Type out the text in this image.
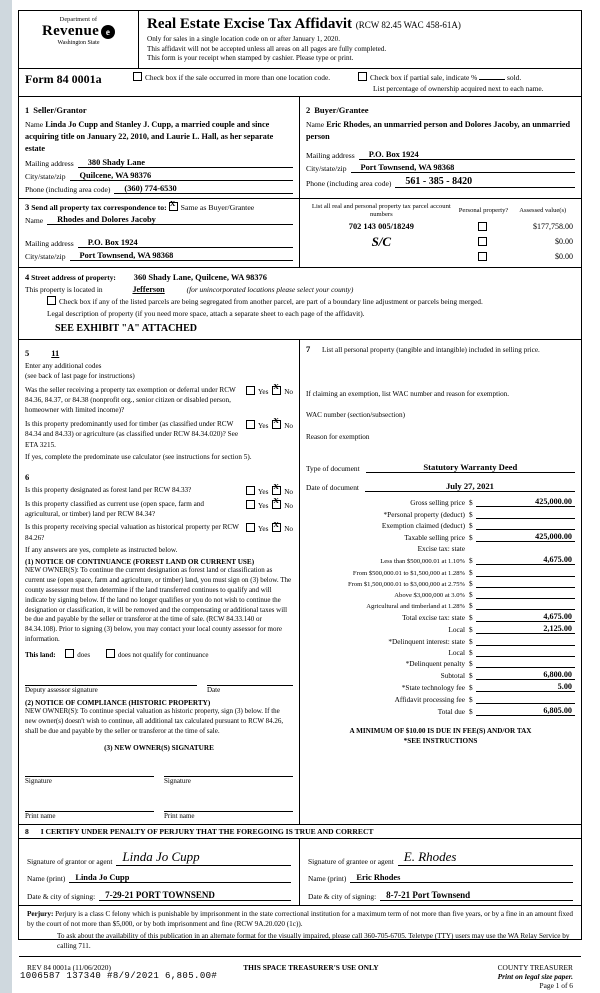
Department of
Revenue e
Washington State
Real Estate Excise Tax Affidavit (RCW 82.45 WAC 458-61A)
Only for sales in a single location code on or after January 1, 2020.
This affidavit will not be accepted unless all areas on all pages are fully completed.
This form is your receipt when stamped by cashier. Please type or print.
Form 84 0001a	Check box if the sale occurred in more than one location code.	Check box if partial sale, indicate %	sold.
List percentage of ownership acquired next to each name.
1 Seller/Grantor
Name Linda Jo Cupp and Stanley J. Cupp, a married couple and since acquiring title on January 22, 2010, and Laurie L. Hall, as her separate estate
Mailing address	380 Shady Lane
City/state/zip	Quilcene, WA 98376
Phone (including area code)	(360) 774-6530
2 Buyer/Grantee
Name Eric Rhodes, an unmarried person and Dolores Jacoby, an unmarried person
Mailing address	P.O. Box 1924
City/state/zip	Port Townsend, WA 98368
Phone (including area code)	561 - 385 - 8420
3 Send all property tax correspondence to: X Same as Buyer/Grantee
Name	Rhodes and Dolores Jacoby
Mailing address	P.O. Box 1924
City/state/zip	Port Townsend, WA 98368
List all real and personal property tax parcel account numbers	Personal property?	Assessed value(s)
702 143 005/18249		$177,758.00
S/C		$0.00
		$0.00
4 Street address of property: 360 Shady Lane, Quilcene, WA 98376
This property is located in	Jefferson	(for unincorporated locations please select your county)
Check box if any of the listed parcels are being segregated from another parcel, are part of a boundary line adjustment or parcels being merged.
Legal description of property (if you need more space, attach a separate sheet to each page of the affidavit).
SEE EXHIBIT "A" ATTACHED
5	11
Enter any additional codes
(see back of last page for instructions)
Was the seller receiving a property tax exemption or deferral under RCW 84.36, 84.37, or 84.38 (nonprofit org., senior citizen or disabled person, homeowner with limited income)?
Yes X No
Is this property predominantly used for timber (as classified under RCW 84.34 and 84.33) or agriculture (as classified under RCW 84.34.020)? See ETA 3215.
Yes X No
If yes, complete the predominate use calculator (see instructions for section 5).
6
Is this property designated as forest land per RCW 84.33?	Yes X No
Is this property classified as current use (open space, farm and agricultural, or timber) land per RCW 84.34?
Yes X No
Is this property receiving special valuation as historical property per RCW 84.26?
Yes X No
If any answers are yes, complete as instructed below.
(1) NOTICE OF CONTINUANCE (FOREST LAND OR CURRENT USE)
NEW OWNER(S): To continue the current designation as forest land or classification as current use (open space, farm and agriculture, or timber) land, you must sign on (3) below. The county assessor must then determine if the land transferred continues to qualify and will indicate by signing below. If the land no longer qualifies or you do not wish to continue the designation or classification, it will be removed and the compensating or additional taxes will be due and payable by the seller or transferor at the time of sale. (RCW 84.33.140 or 84.34.108). Prior to signing (3) below, you may contact your local county assessor for more information.
This land:	does	does not qualify for continuance
Deputy assessor signature	Date
(2) NOTICE OF COMPLIANCE (HISTORIC PROPERTY)
NEW OWNER(S): To continue special valuation as historic property, sign (3) below. If the new owner(s) doesn't wish to continue, all additional tax calculated pursuant to RCW 84.26, shall be due and payable by the seller or transferor at the time of sale.
(3) NEW OWNER(S) SIGNATURE
Signature	Signature
Print name	Print name
7 List all personal property (tangible and intangible) included in selling price.
If claiming an exemption, list WAC number and reason for exemption.
WAC number (section/subsection)
Reason for exemption
Type of document	Statutory Warranty Deed
Date of document	July 27, 2021
Gross selling price $	425,000.00
*Personal property (deduct) $
Exemption claimed (deduct) $
Taxable selling price $	425,000.00
Excise tax: state
Less than $500,000.01 at 1.10% $	4,675.00
From $500,000.01 to $1,500,000 at 1.28% $
From $1,500,000.01 to $3,000,000 at 2.75% $
Above $3,000,000 at 3.0% $
Agricultural and timberland at 1.28% $
Total excise tax: state $	4,675.00
Local $	2,125.00
*Delinquent interest: state $
Local $
*Delinquent penalty $
Subtotal $	6,800.00
*State technology fee $	5.00
Affidavit processing fee $
Total due $	6,805.00
A MINIMUM OF $10.00 IS DUE IN FEE(S) AND/OR TAX
*SEE INSTRUCTIONS
8 I CERTIFY UNDER PENALTY OF PERJURY THAT THE FOREGOING IS TRUE AND CORRECT
Signature of grantor or agent Linda Jo Cupp
Name (print)	Linda Jo Cupp
Date & city of signing:	7-29-21 PORT TOWNSEND
Signature of grantee or agent E. Rhodes
Name (print)	Eric Rhodes
Date & city of signing:	8-7-21 Port Townsend
Perjury: Perjury is a class C felony which is punishable by imprisonment in the state correctional institution for a maximum term of not more than five years, or by a fine in an amount fixed by the court of not more than $5,000, or by both imprisonment and fine (RCW 9A.20.020 (1c)).
To ask about the availability of this publication in an alternate format for the visually impaired, please call 360-705-6705. Teletype (TTY) users may use the WA Relay Service by calling 711.
REV 84 0001a (11/06/2020)	THIS SPACE TREASURER'S USE ONLY	COUNTY TREASURER
Print on legal size paper.
Page 1 of 6
1006587 137340 #8/9/2021 6,805.00#
